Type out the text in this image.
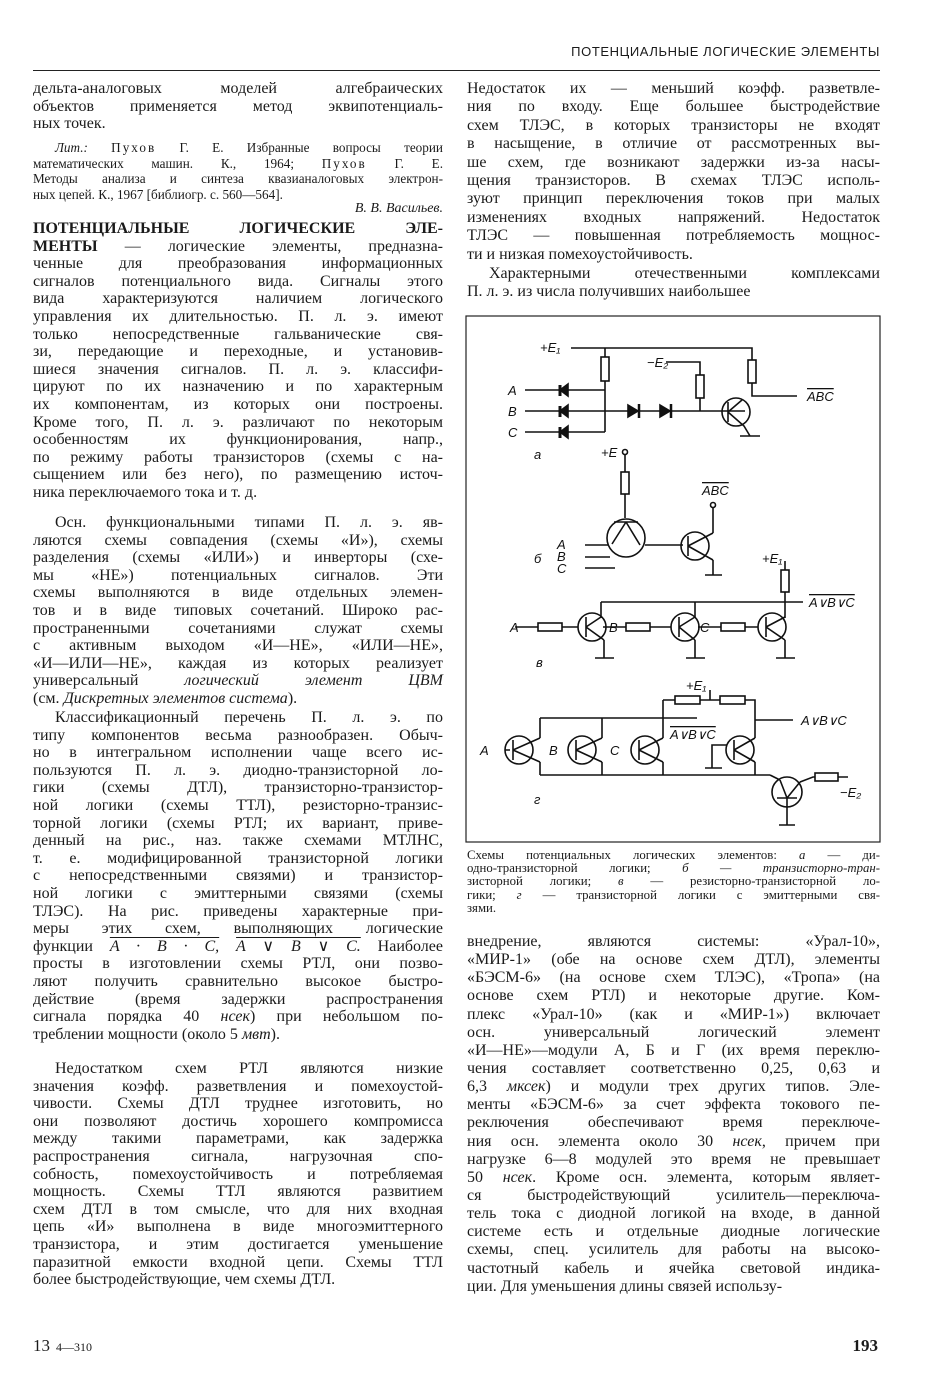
ПОТЕНЦИАЛЬНЫЕ ЛОГИЧЕСКИЕ ЭЛЕМЕНТЫ
дельта-аналоговых моделей алгебраических
объектов применяется метод эквипотенциаль-
ных точек.
Лит.: Пухов Г. Е. Избранные вопросы теории
математических машин. К., 1964; Пухов Г. Е.
Методы анализа и синтеза квазианалоговых электрон-
ных цепей. К., 1967 [библиогр. с. 560—564].
В. В. Васильев.
ПОТЕНЦИАЛЬНЫЕ ЛОГИЧЕСКИЕ ЭЛЕ-
МЕНТЫ — логические элементы, предназна-
ченные для преобразования информационных
сигналов потенциального вида. Сигналы этого
вида характеризуются наличием логического
управления их длительностью. П. л. э. имеют
только непосредственные гальванические свя-
зи, передающие и переходные, и установив-
шиеся значения сигналов. П. л. э. классифи-
цируют по их назначению и по характерным
их компонентам, из которых они построены.
Кроме того, П. л. э. различают по некоторым
особенностям их функционирования, напр.,
по режиму работы транзисторов (схемы с на-
сыщением или без него), по размещению источ-
ника переключаемого тока и т. д.
Осн. функциональными типами П. л. э. яв-
ляются схемы совпадения (схемы «И»), схемы
разделения (схемы «ИЛИ») и инверторы (схе-
мы «НЕ») потенциальных сигналов. Эти
схемы выполняются в виде отдельных элемен-
тов и в виде типовых сочетаний. Широко рас-
пространенными сочетаниями служат схемы
с активным выходом «И—НЕ», «ИЛИ—НЕ»,
«И—ИЛИ—НЕ», каждая из которых реализует
универсальный логический элемент ЦВМ
(см. Дискретных элементов система).
Классификационный перечень П. л. э. по
типу компонентов весьма разнообразен. Обыч-
но в интегральном исполнении чаще всего ис-
пользуются П. л. э. диодно-транзисторной ло-
гики (схемы ДТЛ), транзисторно-транзистор-
ной логики (схемы ТТЛ), резисторно-транзис-
торной логики (схемы РТЛ; их вариант, приве-
денный на рис., наз. также схемами МТЛНС,
т. е. модифицированной транзисторной логики
с непосредственными связями) и транзистор-
ной логики с эмиттерными связями (схемы
ТЛЭС). На рис. приведены характерные при-
меры этих схем, выполняющих логические
функции A · B · C, A ∨ B ∨ C. Наиболее
просты в изготовлении схемы РТЛ, они позво-
ляют получить сравнительно высокое быстро-
действие (время задержки распространения
сигнала порядка 40 нсек) при небольшом по-
треблении мощности (около 5 мвт).
Недостатком схем РТЛ являются низкие
значения коэфф. разветвления и помехоустой-
чивости. Схемы ДТЛ труднее изготовить, но
они позволяют достичь хорошего компромисса
между такими параметрами, как задержка
распространения сигнала, нагрузочная спо-
собность, помехоустойчивость и потребляемая
мощность. Схемы ТТЛ являются развитием
схем ДТЛ в том смысле, что для них входная
цепь «И» выполнена в виде многоэмиттерного
транзистора, и этим достигается уменьшение
паразитной емкости входной цепи. Схемы ТТЛ
более быстродействующие, чем схемы ДТЛ.
Недостаток их — меньший коэфф. разветвле-
ния по входу. Еще большее быстродействие
схем ТЛЭС, в которых транзисторы не входят
в насыщение, в отличие от рассмотренных вы-
ше схем, где возникают задержки из-за насы-
щения транзисторов. В схемах ТЛЭС исполь-
зуют принцип переключения токов при малых
изменениях входных напряжений. Недостаток
ТЛЭС — повышенная потребляемость мощнос-
ти и низкая помехоустойчивость.
Характерными отечественными комплексами
П. л. э. из числа получивших наибольшее
Схемы потенциальных логических элементов: а — ди-
одно-транзисторной логики; б — транзисторно-тран-
зисторной логики; в — резисторно-транзисторной ло-
гики; г — транзисторной логики с эмиттерными свя-
зями.
внедрение, являются системы: «Урал-10»,
«МИР-1» (обе на основе схем ДТЛ), элементы
«БЭСМ-6» (на основе схем ТЛЭС), «Тропа» (на
основе схем РТЛ) и некоторые другие. Ком-
плекс «Урал-10» (как и «МИР-1») включает
осн. универсальный логический элемент
«И—НЕ»—модули А, Б и Г (их время переклю-
чения составляет соответственно 0,25, 0,63 и
6,3 мксек) и модули трех других типов. Эле-
менты «БЭСМ-6» за счет эффекта токового пе-
реключения обеспечивают время переключе-
ния осн. элемента около 30 нсек, причем при
нагрузке 6—8 модулей это время не превышает
50 нсек. Кроме осн. элемента, которым являет-
ся быстродействующий усилитель—переключа-
тель тока с диодной логикой на входе, в данной
системе есть и отдельные диодные логические
схемы, спец. усилитель для работы на высоко-
частотный кабель и ячейка световой индика-
ции. Для уменьшения длины связей использу-
+E₁
−E₂
A
B
C
ABC
а	+E
ABC
A
B
C
б	+E₁
A∨B∨C
A	B	C
в
+E₁
A∨B∨C
A∨B∨C
A	B	C
−E₂
г
13 4—310	193
